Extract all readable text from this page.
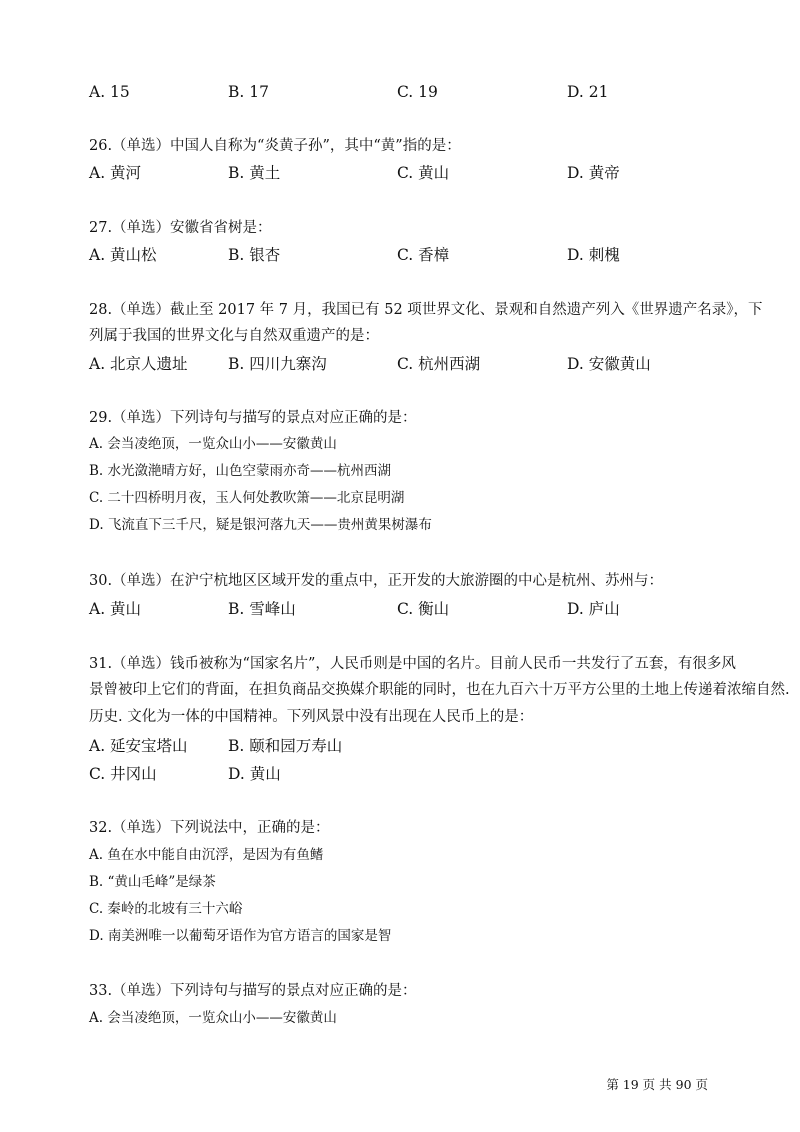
A. 15	B. 17	C. 19	D. 21
26.（单选）中国人自称为“炎黄子孙”，其中“黄”指的是：
A. 黄河	B. 黄土	C. 黄山	D. 黄帝
27.（单选）安徽省省树是：
A. 黄山松	B. 银杏	C. 香樟	D. 刺槐
28.（单选）截止至 2017 年 7 月，我国已有 52 项世界文化、景观和自然遗产列入《世界遗产名录》，下
列属于我国的世界文化与自然双重遗产的是：
A. 北京人遗址	B. 四川九寨沟	C. 杭州西湖	D. 安徽黄山
29.（单选）下列诗句与描写的景点对应正确的是：
A. 会当凌绝顶，一览众山小——安徽黄山
B. 水光潋滟晴方好，山色空蒙雨亦奇——杭州西湖
C. 二十四桥明月夜，玉人何处教吹箫——北京昆明湖
D. 飞流直下三千尺，疑是银河落九天——贵州黄果树瀑布
30.（单选）在沪宁杭地区区域开发的重点中，正开发的大旅游圈的中心是杭州、苏州与：
A. 黄山	B. 雪峰山	C. 衡山	D. 庐山
31.（单选）钱币被称为“国家名片”，人民币则是中国的名片。目前人民币一共发行了五套，有很多风
景曾被印上它们的背面，在担负商品交换媒介职能的同时，也在九百六十万平方公里的土地上传递着浓缩自然.
历史. 文化为一体的中国精神。下列风景中没有出现在人民币上的是：
A. 延安宝塔山	B. 颐和园万寿山
C. 井冈山	D. 黄山
32.（单选）下列说法中，正确的是：
A. 鱼在水中能自由沉浮，是因为有鱼鳍
B. “黄山毛峰”是绿茶
C. 秦岭的北坡有三十六峪
D. 南美洲唯一以葡萄牙语作为官方语言的国家是智
33.（单选）下列诗句与描写的景点对应正确的是：
A. 会当凌绝顶，一览众山小——安徽黄山
第 19 页 共 90 页
